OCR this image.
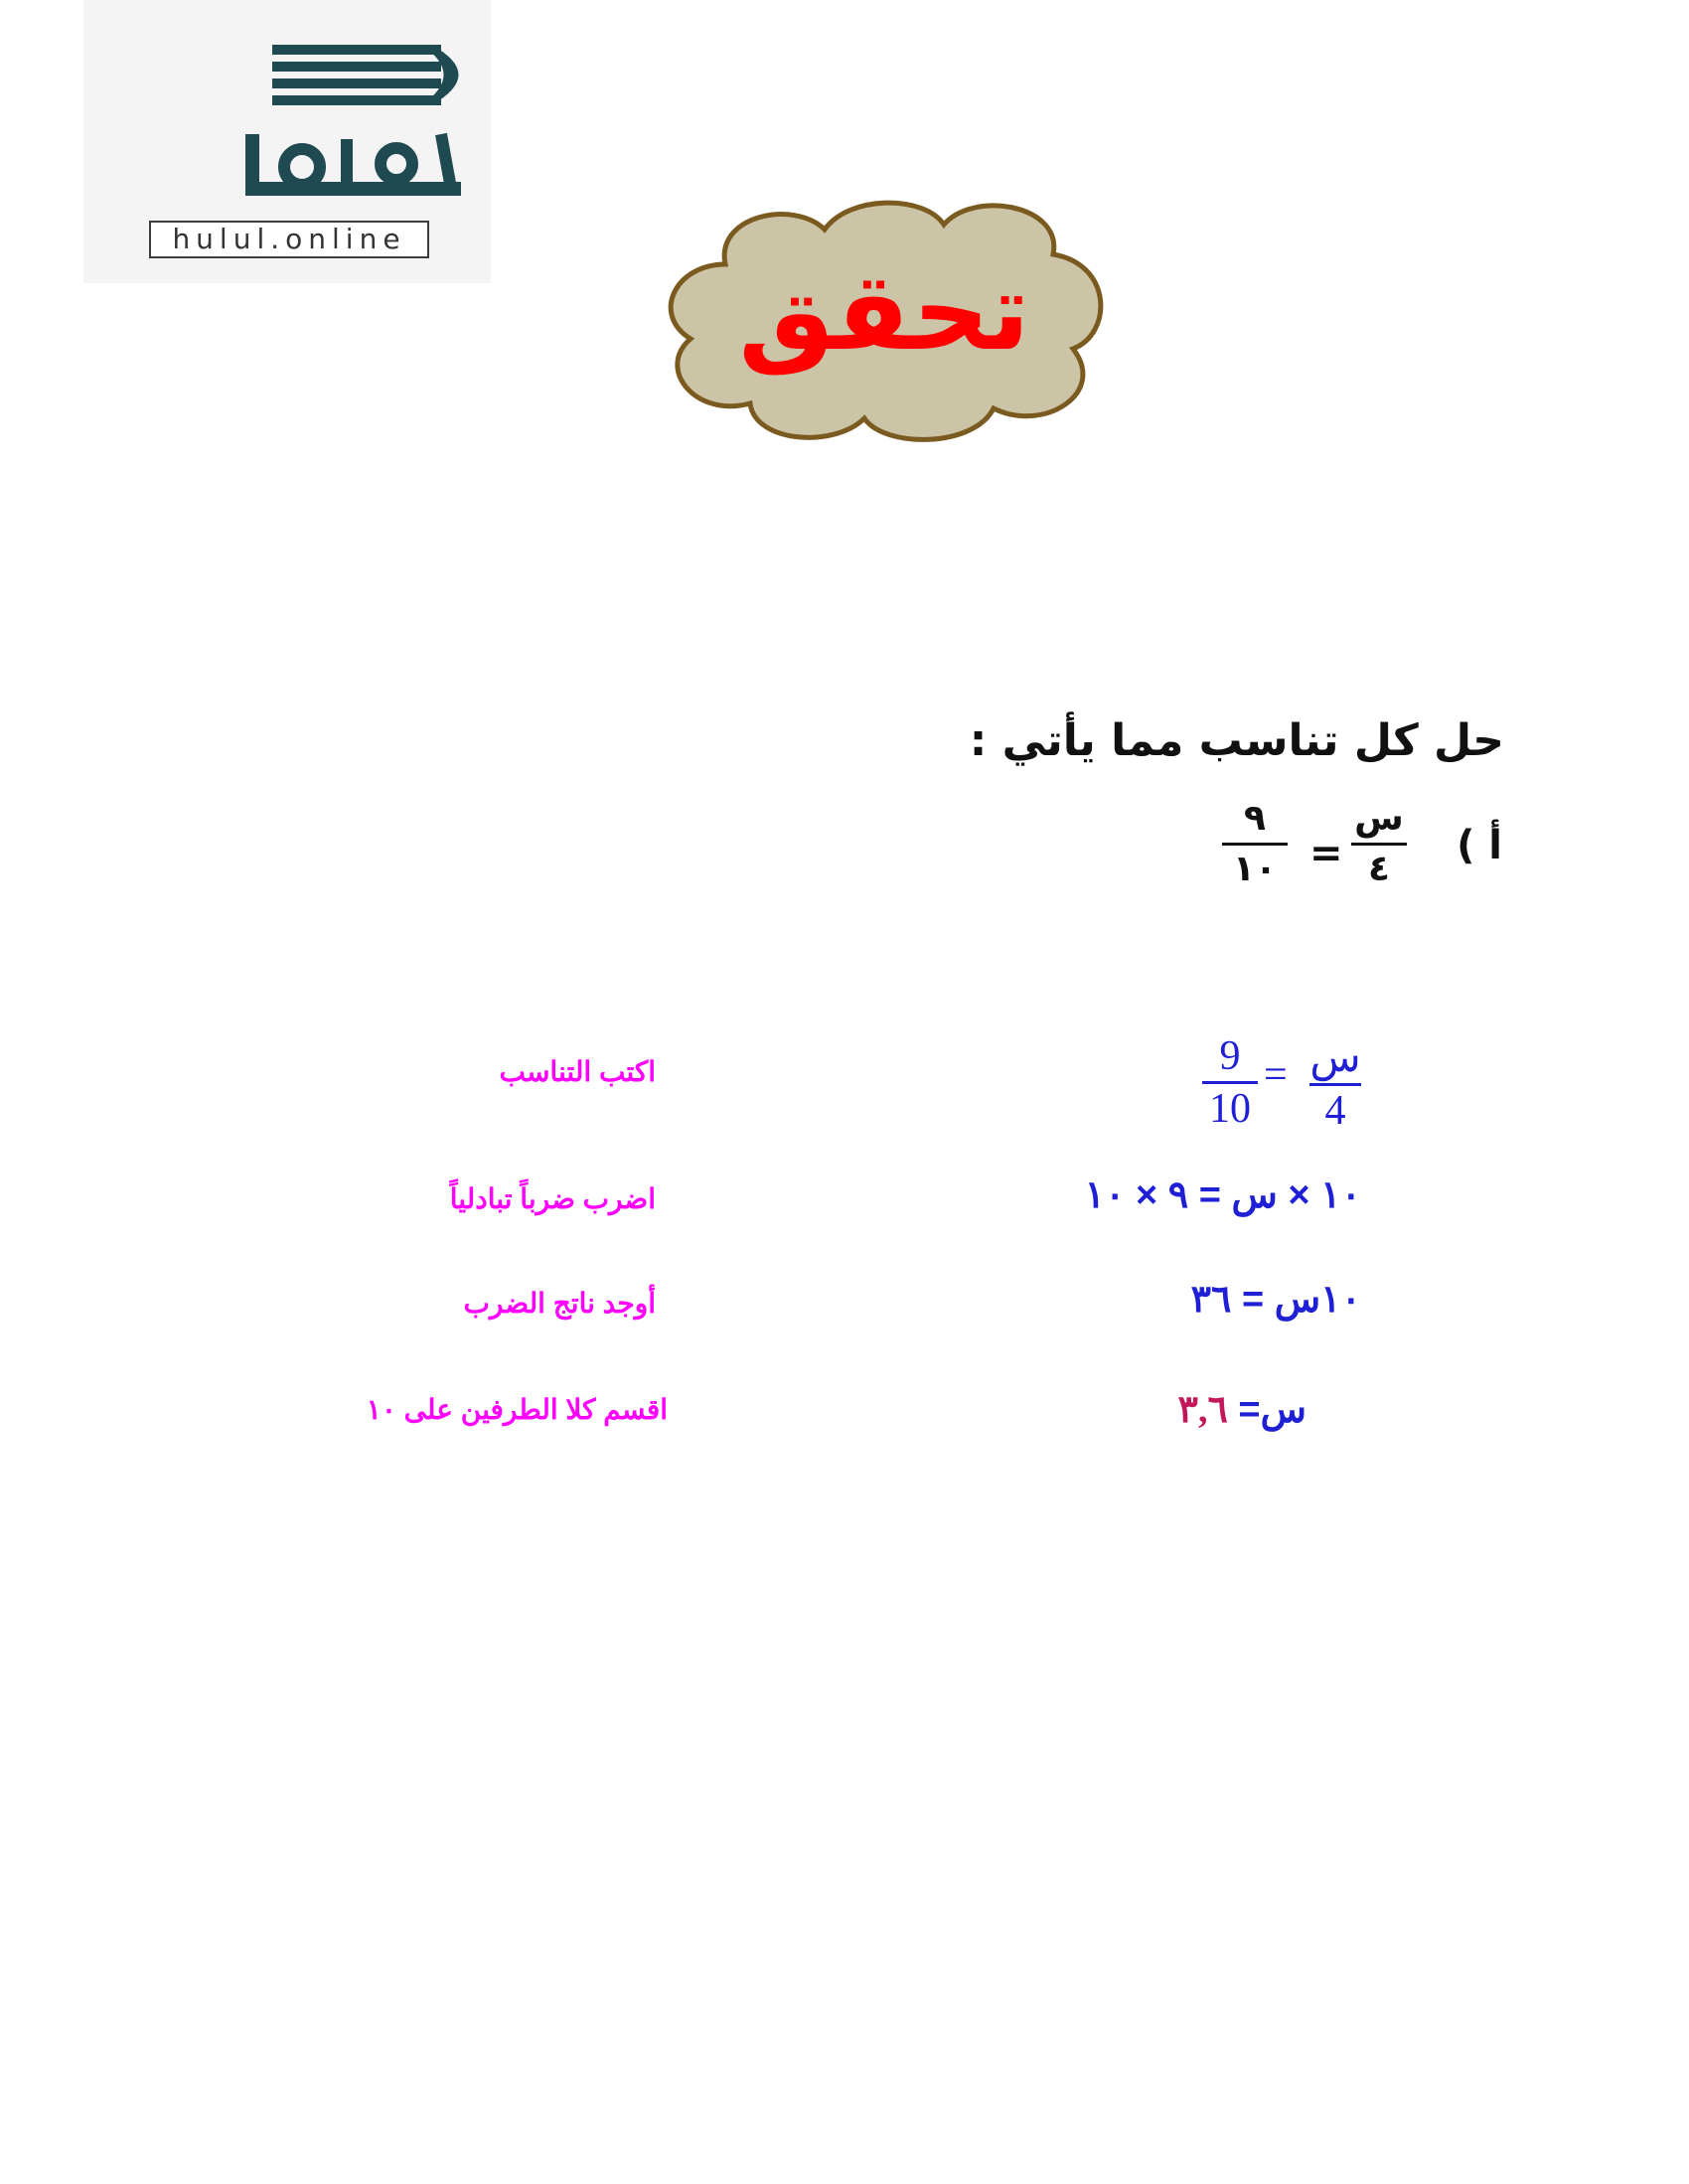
hulul.online
تحقق
حل كل تناسب مما يأتي :
أ )
س
٤
=
٩
١٠
س
4
=
9
10
اكتب التناسب
١٠ × س = ٩ × ١٠
اضرب ضرباً تبادلياً
١٠س = ٣٦
أوجد ناتج الضرب
س= ٣,٦
اقسم كلا الطرفين على ١٠
